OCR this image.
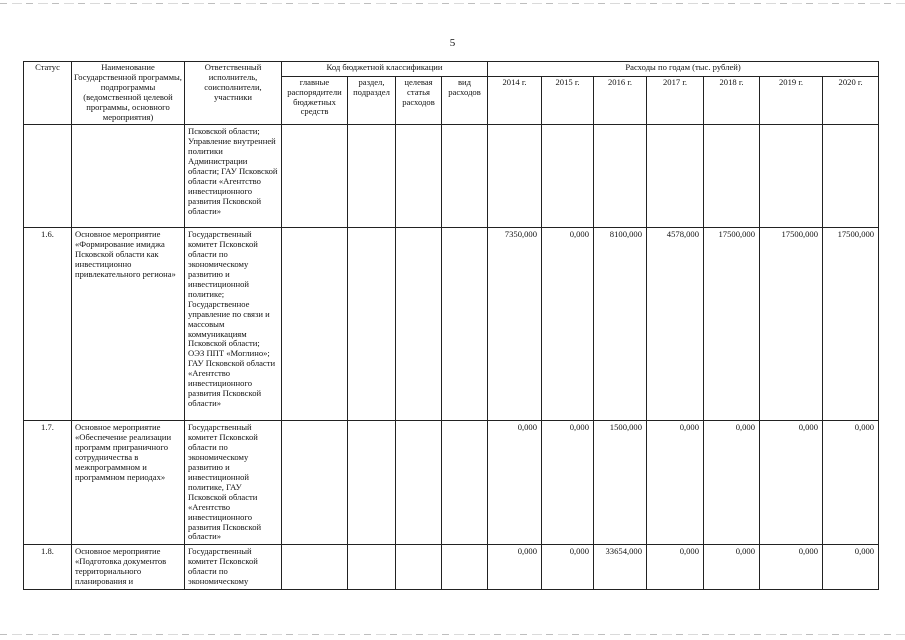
5
Статус	Наименование Государственной программы, подпрограммы (ведомственной целевой программы, основного мероприятия)	Ответственный исполнитель, соисполнители, участники	Код бюджетной классификации				Расходы по годам (тыс. рублей)						
			главные распорядители бюджетных средств	раздел, подраздел	целевая статья расходов	вид расходов	2014 г.	2015 г.	2016 г.	2017 г.	2018 г.	2019 г.	2020 г.
		Псковской области; Управление внутренней политики Администрации области; ГАУ Псковской области «Агентство инвестиционного развития Псковской области»											
1.6.	Основное мероприятие «Формирование имиджа Псковской области как инвестиционно привлекательного региона»	Государственный комитет Псковской области по экономическому развитию и инвестиционной политике; Государственное управление по связи и массовым коммуникациям Псковской области; ОЭЗ ППТ «Моглино»; ГАУ Псковской области «Агентство инвестиционного развития Псковской области»					7350,000	0,000	8100,000	4578,000	17500,000	17500,000	17500,000
1.7.	Основное мероприятие «Обеспечение реализации программ приграничного сотрудничества в межпрограммном и программном периодах»	Государственный комитет Псковской области по экономическому развитию и инвестиционной политике, ГАУ Псковской области «Агентство инвестиционного развития Псковской области»					0,000	0,000	1500,000	0,000	0,000	0,000	0,000
1.8.	Основное мероприятие «Подготовка документов территориального планирования и	Государственный комитет Псковской области по экономическому					0,000	0,000	33654,000	0,000	0,000	0,000	0,000
